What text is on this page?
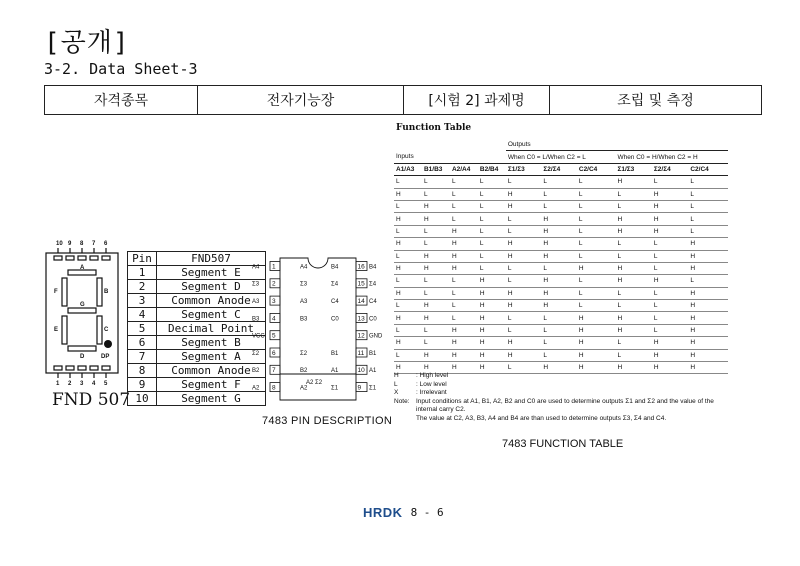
[공개]
3-2. Data Sheet-3
자격종목	전자기능장	[시험 2] 과제명	조립 및 측정
10 9 8 7 6
A
F	B
G
E	C
D	DP
1 2 3 4 5
FND 507
Pin	FND507
1	Segment E
2	Segment D
3	Common Anode
4	Segment C
5	Decimal Point
6	Segment B
7	Segment A
8	Common Anode
9	Segment F
10	Segment G
1
A4	A4
2
Σ3	Σ3
3
A3	A3
4
B3	B3
5
VCC
6
Σ2	Σ2
7
B2	B2
8
A2	A2
16 B4
B4
15 Σ4
Σ4
14 C4
C4
13 C0
C0
12 GND
11 B1
B1
10 A1
A1
9 Σ1
Σ1
A2 Σ2
7483 PIN DESCRIPTION
Function Table
				Outputs					
Inputs				When C0 = L/When C2 = L			When C0 = H/When C2 = H		
A1/A3	B1/B3	A2/A4	B2/B4	Σ1/Σ3	Σ2/Σ4	C2/C4	Σ1/Σ3	Σ2/Σ4	C2/C4
L	L	L	L	L	L	L	H	L	L
H	L	L	L	H	L	L	L	H	L
L	H	L	L	H	L	L	L	H	L
H	H	L	L	L	H	L	H	H	L
L	L	H	L	L	H	L	H	H	L
H	L	H	L	H	H	L	L	L	H
L	H	H	L	H	H	L	L	L	H
H	H	H	L	L	L	H	H	L	H
L	L	L	H	L	H	L	H	H	L
H	L	L	H	H	H	L	L	L	H
L	H	L	H	H	H	L	L	L	H
H	H	L	H	L	L	H	H	L	H
L	L	H	H	L	L	H	H	L	H
H	L	H	H	H	L	H	L	H	H
L	H	H	H	H	L	H	L	H	H
H	H	H	H	L	H	H	H	H	H
H	: High level
L	: Low level
X	: Irrelevant
Note: Input conditions at A1, B1, A2, B2 and C0 are used to determine outputs Σ1 and Σ2 and the value of the internal carry C2.
The value at C2, A3, B3, A4 and B4 are than used to determine outputs Σ3, Σ4 and C4.
7483 FUNCTION TABLE
HRDK 8 - 6
